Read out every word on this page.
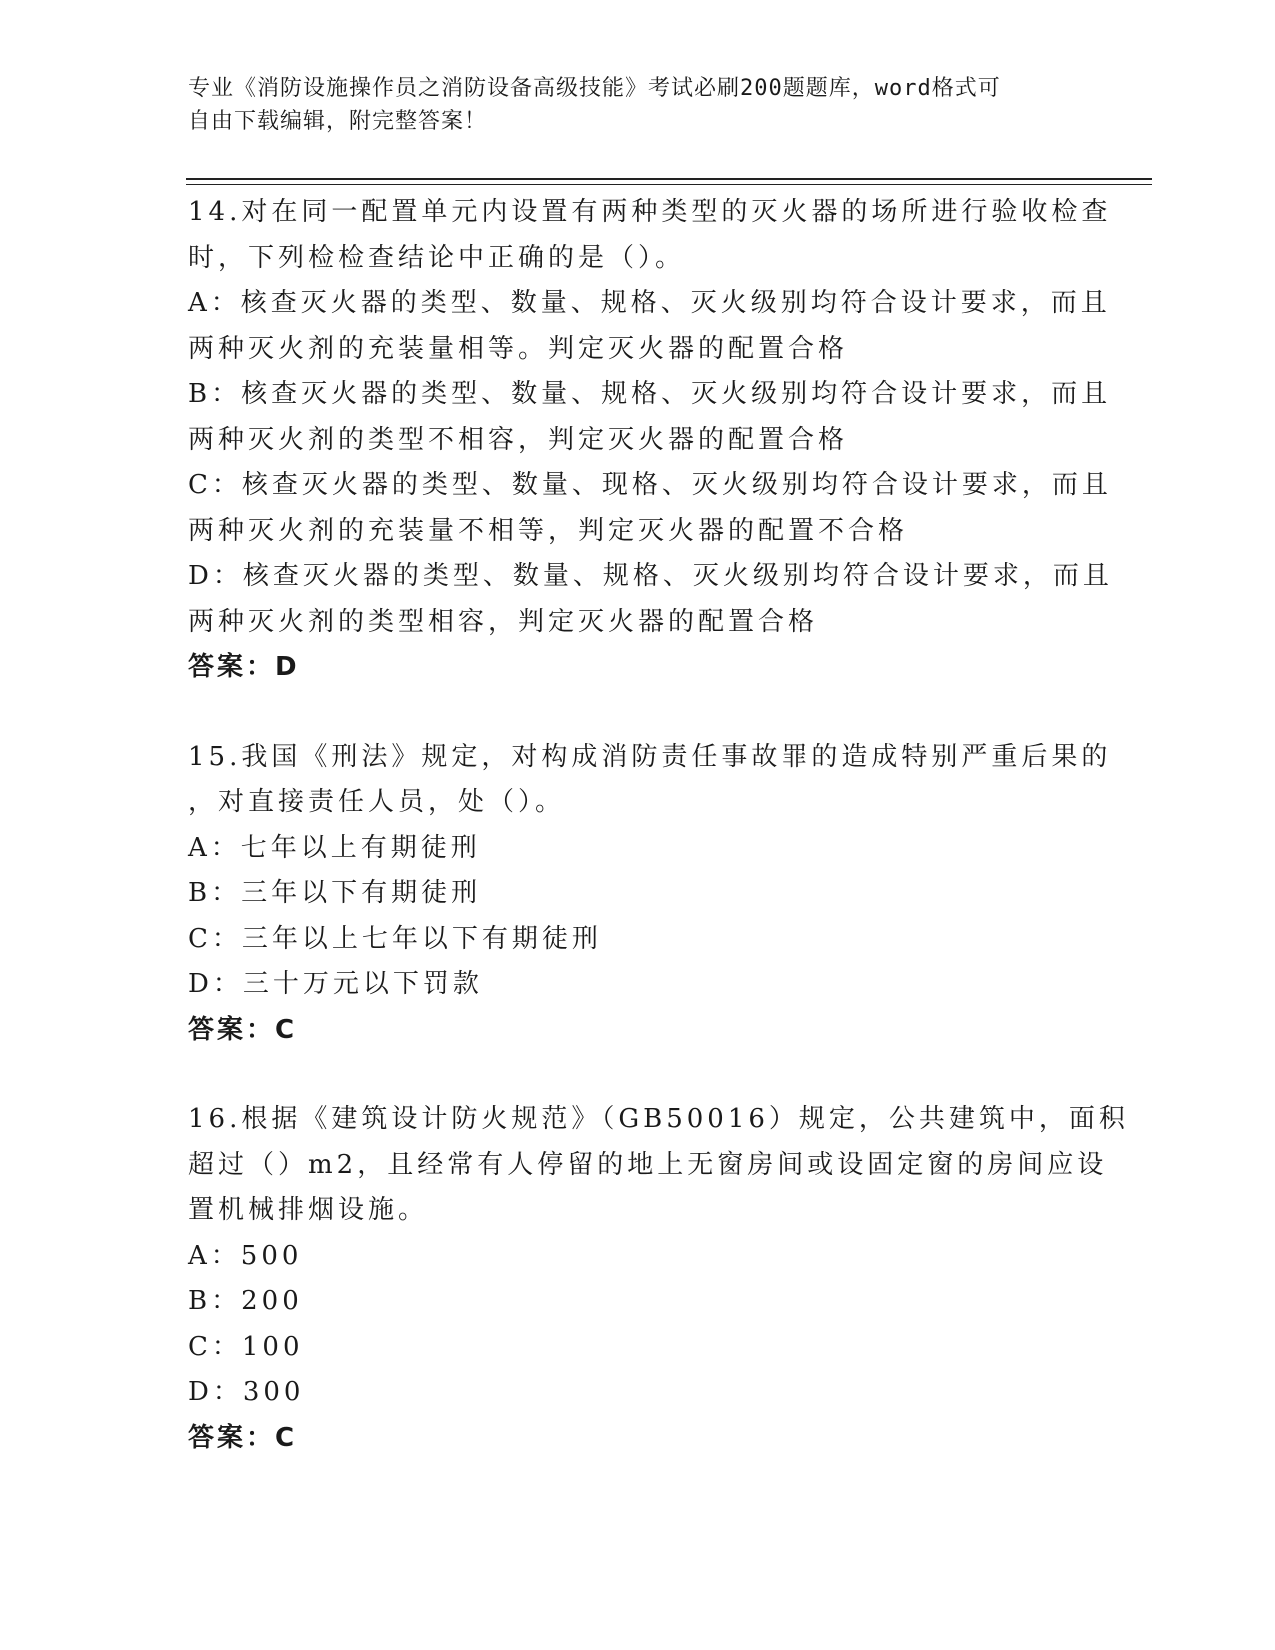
专业《消防设施操作员之消防设备高级技能》考试必刷200题题库，word格式可
自由下载编辑，附完整答案！
14.对在同一配置单元内设置有两种类型的灭火器的场所进行验收检查
时，下列检检查结论中正确的是（）。
A：核查灭火器的类型、数量、规格、灭火级别均符合设计要求，而且
两种灭火剂的充装量相等。判定灭火器的配置合格
B：核查灭火器的类型、数量、规格、灭火级别均符合设计要求，而且
两种灭火剂的类型不相容，判定灭火器的配置合格
C：核查灭火器的类型、数量、现格、灭火级别均符合设计要求，而且
两种灭火剂的充装量不相等，判定灭火器的配置不合格
D：核查灭火器的类型、数量、规格、灭火级别均符合设计要求，而且
两种灭火剂的类型相容，判定灭火器的配置合格
答案：D
15.我国《刑法》规定，对构成消防责任事故罪的造成特别严重后果的
，对直接责任人员，处（）。
A：七年以上有期徒刑
B：三年以下有期徒刑
C：三年以上七年以下有期徒刑
D：三十万元以下罚款
答案：C
16.根据《建筑设计防火规范》（GB50016）规定，公共建筑中，面积
超过（）m2，且经常有人停留的地上无窗房间或设固定窗的房间应设
置机械排烟设施。
A：500
B：200
C：100
D：300
答案：C
